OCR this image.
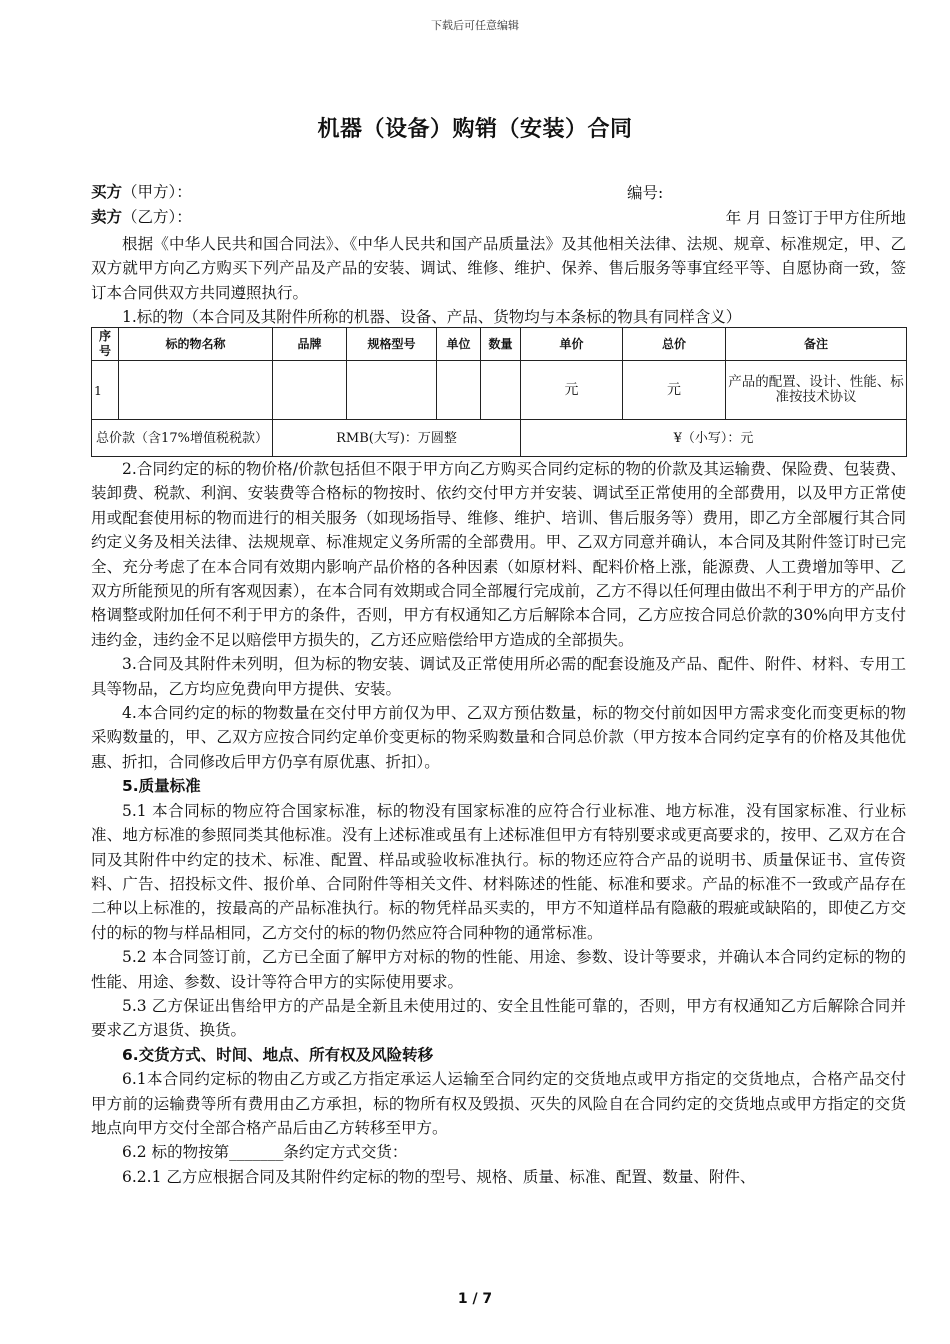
下载后可任意编辑
机器（设备）购销（安装）合同
买方（甲方）：	编号:
卖方（乙方）：	年 月 日签订于甲方住所地

根据《中华人民共和国合同法》、《中华人民共和国产品质量法》及其他相关法律、法规、规章、标准规定，甲、乙双方就甲方向乙方购买下列产品及产品的安装、调试、维修、维护、保养、售后服务等事宜经平等、自愿协商一致，签订本合同供双方共同遵照执行。

1.标的物（本合同及其附件所称的机器、设备、产品、货物均与本条标的物具有同样含义）

序号	标的物名称	品牌	规格型号	单位	数量	单价	总价	备注
1						元	元	产品的配置、设计、性能、标准按技术协议
总价款（含17%增值税税款）		RMB(大写)：万圆整				¥（小写）：元		

2.合同约定的标的物价格/价款包括但不限于甲方向乙方购买合同约定标的物的价款及其运输费、保险费、包装费、装卸费、税款、利润、安装费等合格标的物按时、依约交付甲方并安装、调试至正常使用的全部费用，以及甲方正常使用或配套使用标的物而进行的相关服务（如现场指导、维修、维护、培训、售后服务等）费用，即乙方全部履行其合同约定义务及相关法律、法规规章、标准规定义务所需的全部费用。甲、乙双方同意并确认，本合同及其附件签订时已完全、充分考虑了在本合同有效期内影响产品价格的各种因素（如原材料、配料价格上涨，能源费、人工费增加等甲、乙双方所能预见的所有客观因素），在本合同有效期或合同全部履行完成前，乙方不得以任何理由做出不利于甲方的产品价格调整或附加任何不利于甲方的条件，否则，甲方有权通知乙方后解除本合同，乙方应按合同总价款的30%向甲方支付违约金，违约金不足以赔偿甲方损失的，乙方还应赔偿给甲方造成的全部损失。

3.合同及其附件未列明，但为标的物安装、调试及正常使用所必需的配套设施及产品、配件、附件、材料、专用工具等物品，乙方均应免费向甲方提供、安装。

4.本合同约定的标的物数量在交付甲方前仅为甲、乙双方预估数量，标的物交付前如因甲方需求变化而变更标的物采购数量的，甲、乙双方应按合同约定单价变更标的物采购数量和合同总价款（甲方按本合同约定享有的价格及其他优惠、折扣，合同修改后甲方仍享有原优惠、折扣）。

5.质量标准

5.1 本合同标的物应符合国家标准，标的物没有国家标准的应符合行业标准、地方标准，没有国家标准、行业标准、地方标准的参照同类其他标准。没有上述标准或虽有上述标准但甲方有特别要求或更高要求的，按甲、乙双方在合同及其附件中约定的技术、标准、配置、样品或验收标准执行。标的物还应符合产品的说明书、质量保证书、宣传资料、广告、招投标文件、报价单、合同附件等相关文件、材料陈述的性能、标准和要求。产品的标准不一致或产品存在二种以上标准的，按最高的产品标准执行。标的物凭样品买卖的，甲方不知道样品有隐蔽的瑕疵或缺陷的，即使乙方交付的标的物与样品相同，乙方交付的标的物仍然应符合同种物的通常标准。

5.2 本合同签订前，乙方已全面了解甲方对标的物的性能、用途、参数、设计等要求，并确认本合同约定标的物的性能、用途、参数、设计等符合甲方的实际使用要求。

5.3 乙方保证出售给甲方的产品是全新且未使用过的、安全且性能可靠的，否则，甲方有权通知乙方后解除合同并要求乙方退货、换货。

6.交货方式、时间、地点、所有权及风险转移

6.1本合同约定标的物由乙方或乙方指定承运人运输至合同约定的交货地点或甲方指定的交货地点，合格产品交付甲方前的运输费等所有费用由乙方承担，标的物所有权及毁损、灭失的风险自在合同约定的交货地点或甲方指定的交货地点向甲方交付全部合格产品后由乙方转移至甲方。

6.2 标的物按第_______条约定方式交货：

6.2.1 乙方应根据合同及其附件约定标的物的型号、规格、质量、标准、配置、数量、附件、

1 / 7
